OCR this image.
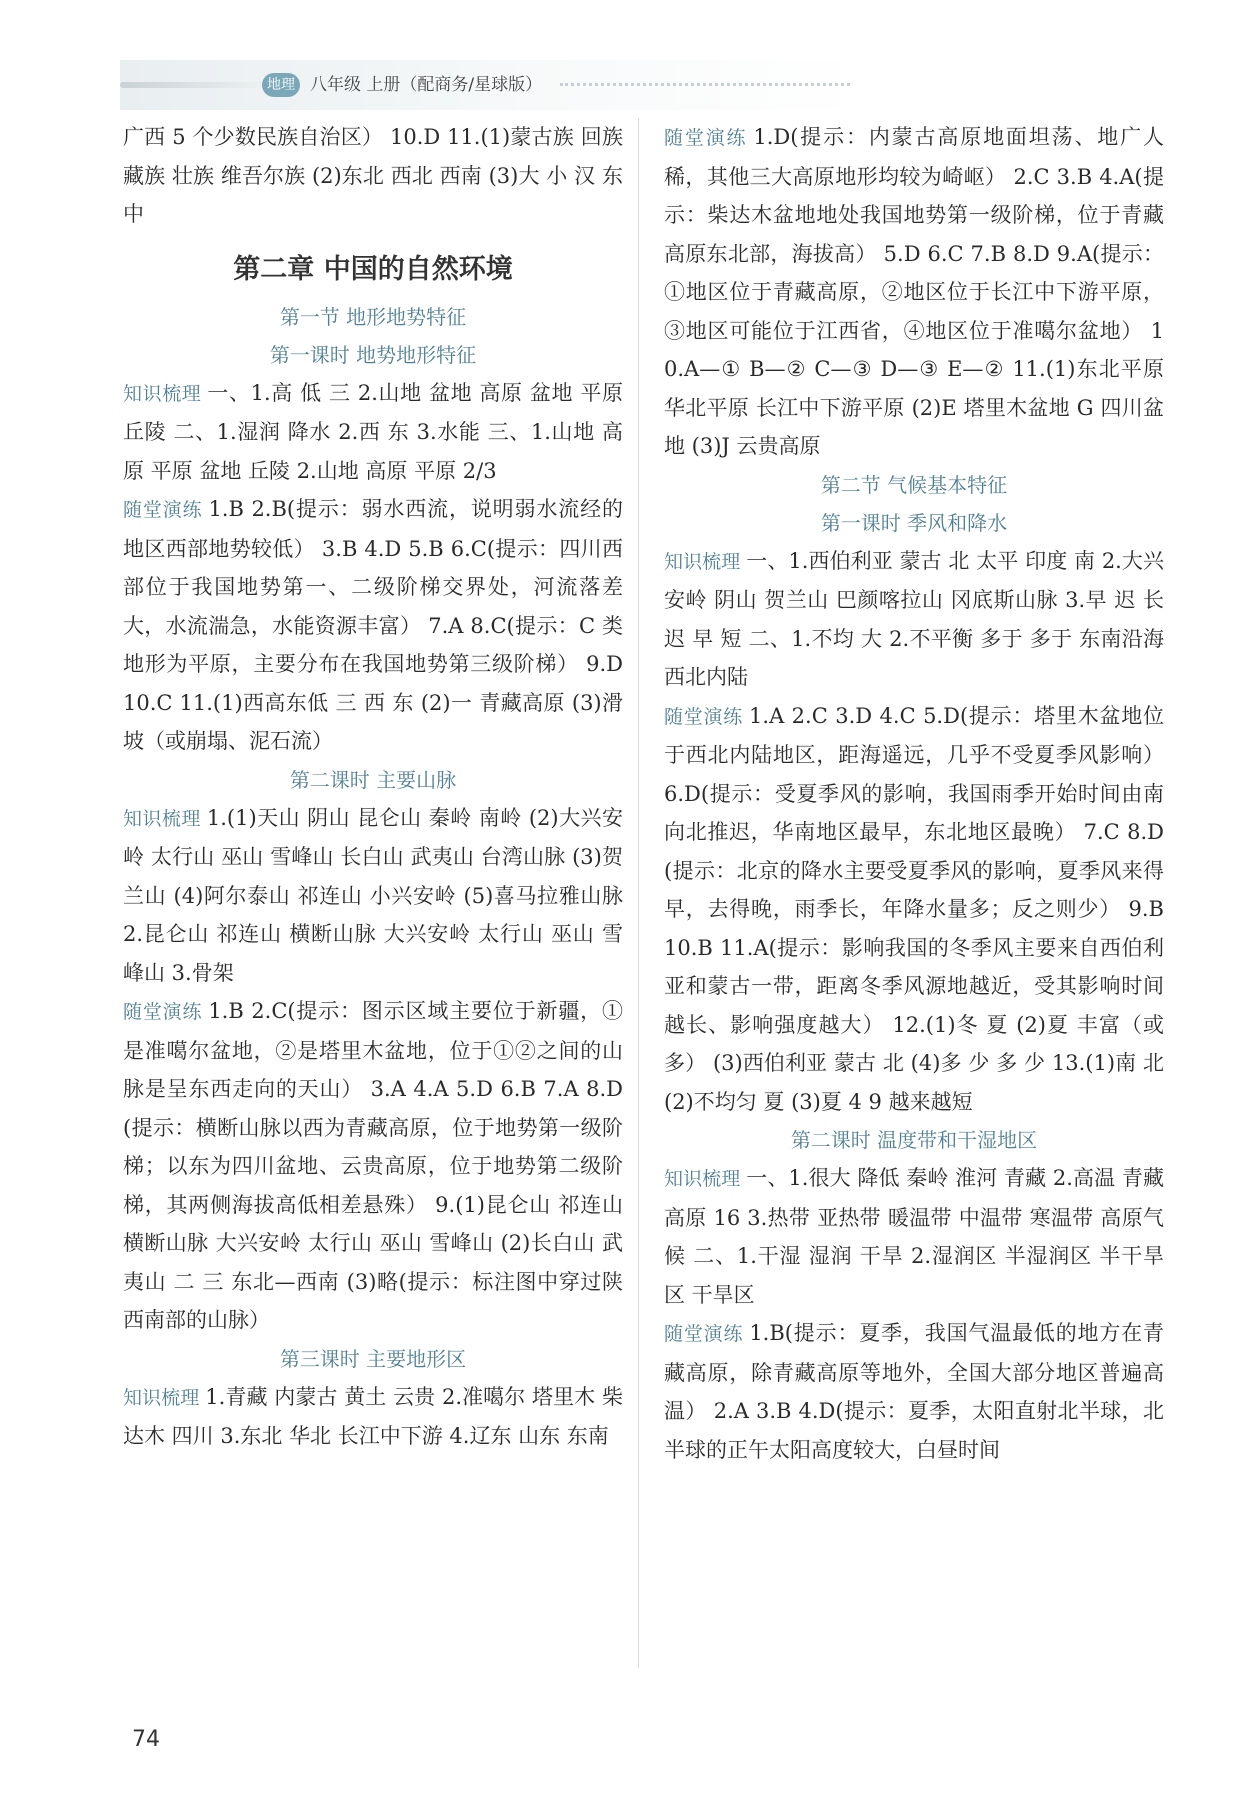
地理 八年级 上册（配商务/星球版）

广西 5 个少数民族自治区） 10.D 11.(1)蒙古族 回族 藏族 壮族 维吾尔族 (2)东北 西北 西南 (3)大 小 汉 东 中

第二章 中国的自然环境
第一节 地形地势特征
第一课时 地势地形特征

知识梳理 一、1.高 低 三 2.山地 盆地 高原 盆地 平原 丘陵 二、1.湿润 降水 2.西 东 3.水能 三、1.山地 高原 平原 盆地 丘陵 2.山地 高原 平原 2/3

随堂演练 1.B 2.B(提示：弱水西流，说明弱水流经的地区西部地势较低） 3.B 4.D 5.B 6.C(提示：四川西部位于我国地势第一、二级阶梯交界处，河流落差大，水流湍急，水能资源丰富） 7.A 8.C(提示：C 类地形为平原，主要分布在我国地势第三级阶梯） 9.D 10.C 11.(1)西高东低 三 西 东 (2)一 青藏高原 (3)滑坡（或崩塌、泥石流）

第二课时 主要山脉

知识梳理 1.(1)天山 阴山 昆仑山 秦岭 南岭 (2)大兴安岭 太行山 巫山 雪峰山 长白山 武夷山 台湾山脉 (3)贺兰山 (4)阿尔泰山 祁连山 小兴安岭 (5)喜马拉雅山脉 2.昆仑山 祁连山 横断山脉 大兴安岭 太行山 巫山 雪峰山 3.骨架

随堂演练 1.B 2.C(提示：图示区域主要位于新疆，①是准噶尔盆地，②是塔里木盆地，位于①②之间的山脉是呈东西走向的天山） 3.A 4.A 5.D 6.B 7.A 8.D(提示：横断山脉以西为青藏高原，位于地势第一级阶梯；以东为四川盆地、云贵高原，位于地势第二级阶梯，其两侧海拔高低相差悬殊） 9.(1)昆仑山 祁连山 横断山脉 大兴安岭 太行山 巫山 雪峰山 (2)长白山 武夷山 二 三 东北—西南 (3)略(提示：标注图中穿过陕西南部的山脉）

第三课时 主要地形区

知识梳理 1.青藏 内蒙古 黄土 云贵 2.准噶尔 塔里木 柴达木 四川 3.东北 华北 长江中下游 4.辽东 山东 东南

随堂演练 1.D(提示：内蒙古高原地面坦荡、地广人稀，其他三大高原地形均较为崎岖） 2.C 3.B 4.A(提示：柴达木盆地地处我国地势第一级阶梯，位于青藏高原东北部，海拔高） 5.D 6.C 7.B 8.D 9.A(提示：①地区位于青藏高原，②地区位于长江中下游平原，③地区可能位于江西省，④地区位于准噶尔盆地） 10.A—① B—② C—③ D—③ E—② 11.(1)东北平原 华北平原 长江中下游平原 (2)E 塔里木盆地 G 四川盆地 (3)J 云贵高原

第二节 气候基本特征
第一课时 季风和降水

知识梳理 一、1.西伯利亚 蒙古 北 太平 印度 南 2.大兴安岭 阴山 贺兰山 巴颜喀拉山 冈底斯山脉 3.早 迟 长 迟 早 短 二、1.不均 大 2.不平衡 多于 多于 东南沿海 西北内陆

随堂演练 1.A 2.C 3.D 4.C 5.D(提示：塔里木盆地位于西北内陆地区，距海遥远，几乎不受夏季风影响） 6.D(提示：受夏季风的影响，我国雨季开始时间由南向北推迟，华南地区最早，东北地区最晚） 7.C 8.D(提示：北京的降水主要受夏季风的影响，夏季风来得早，去得晚，雨季长，年降水量多；反之则少） 9.B 10.B 11.A(提示：影响我国的冬季风主要来自西伯利亚和蒙古一带，距离冬季风源地越近，受其影响时间越长、影响强度越大） 12.(1)冬 夏 (2)夏 丰富（或多） (3)西伯利亚 蒙古 北 (4)多 少 多 少 13.(1)南 北 (2)不均匀 夏 (3)夏 4 9 越来越短

第二课时 温度带和干湿地区

知识梳理 一、1.很大 降低 秦岭 淮河 青藏 2.高温 青藏高原 16 3.热带 亚热带 暖温带 中温带 寒温带 高原气候 二、1.干湿 湿润 干旱 2.湿润区 半湿润区 半干旱区 干旱区

随堂演练 1.B(提示：夏季，我国气温最低的地方在青藏高原，除青藏高原等地外，全国大部分地区普遍高温） 2.A 3.B 4.D(提示：夏季，太阳直射北半球，北半球的正午太阳高度较大，白昼时间

74
